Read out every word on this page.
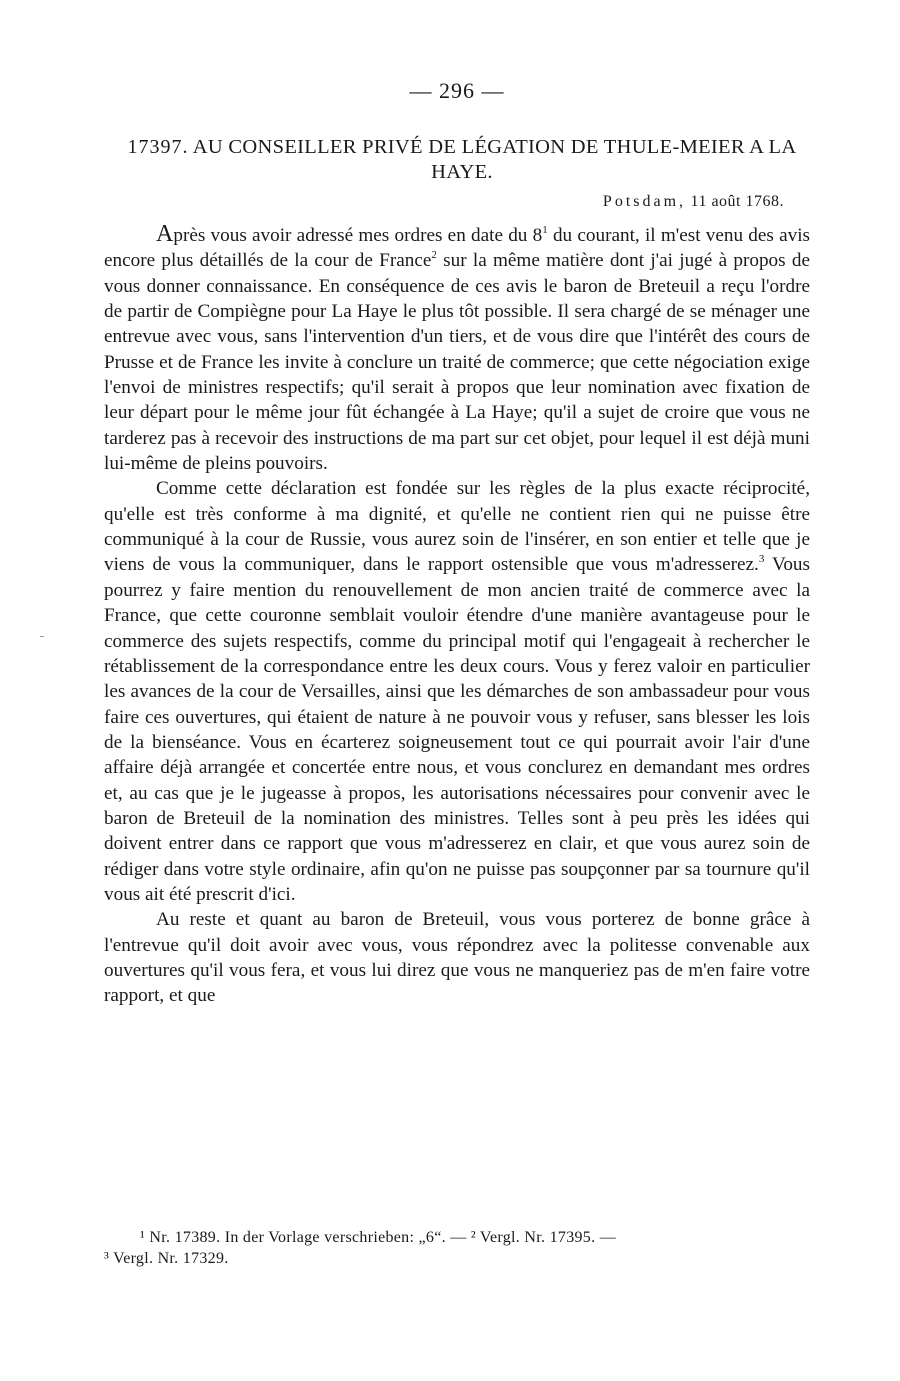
— 296 —
17397. AU CONSEILLER PRIVÉ DE LÉGATION DE THULE-MEIER A LA HAYE.
Potsdam, 11 août 1768.

Après vous avoir adressé mes ordres en date du 8$^1$ du courant, il m'est venu des avis encore plus détaillés de la cour de France$^2$ sur la même matière dont j'ai jugé à propos de vous donner connaissance. En conséquence de ces avis le baron de Breteuil a reçu l'ordre de partir de Compiègne pour La Haye le plus tôt possible. Il sera chargé de se ménager une entrevue avec vous, sans l'intervention d'un tiers, et de vous dire que l'intérêt des cours de Prusse et de France les invite à conclure un traité de commerce; que cette négociation exige l'envoi de ministres respectifs; qu'il serait à propos que leur nomination avec fixation de leur départ pour le même jour fût échangée à La Haye; qu'il a sujet de croire que vous ne tarderez pas à recevoir des instructions de ma part sur cet objet, pour lequel il est déjà muni lui-même de pleins pouvoirs.

Comme cette déclaration est fondée sur les règles de la plus exacte réciprocité, qu'elle est très conforme à ma dignité, et qu'elle ne contient rien qui ne puisse être communiqué à la cour de Russie, vous aurez soin de l'insérer, en son entier et telle que je viens de vous la communiquer, dans le rapport ostensible que vous m'adresserez.$^3$ Vous pourrez y faire mention du renouvellement de mon ancien traité de commerce avec la France, que cette couronne semblait vouloir étendre d'une manière avantageuse pour le commerce des sujets respectifs, comme du principal motif qui l'engageait à rechercher le rétablissement de la correspondance entre les deux cours. Vous y ferez valoir en particulier les avances de la cour de Versailles, ainsi que les démarches de son ambassadeur pour vous faire ces ouvertures, qui étaient de nature à ne pouvoir vous y refuser, sans blesser les lois de la bienséance. Vous en écarterez soigneusement tout ce qui pourrait avoir l'air d'une affaire déjà arrangée et concertée entre nous, et vous conclurez en demandant mes ordres et, au cas que je le jugeasse à propos, les autorisations nécessaires pour convenir avec le baron de Breteuil de la nomination des ministres. Telles sont à peu près les idées qui doivent entrer dans ce rapport que vous m'adresserez en clair, et que vous aurez soin de rédiger dans votre style ordinaire, afin qu'on ne puisse pas soupçonner par sa tournure qu'il vous ait été prescrit d'ici.

Au reste et quant au baron de Breteuil, vous vous porterez de bonne grâce à l'entrevue qu'il doit avoir avec vous, vous répondrez avec la politesse convenable aux ouvertures qu'il vous fera, et vous lui direz que vous ne manqueriez pas de m'en faire votre rapport, et que

¹ Nr. 17389. In der Vorlage verschrieben: „6“. — ² Vergl. Nr. 17395. —
³ Vergl. Nr. 17329.
